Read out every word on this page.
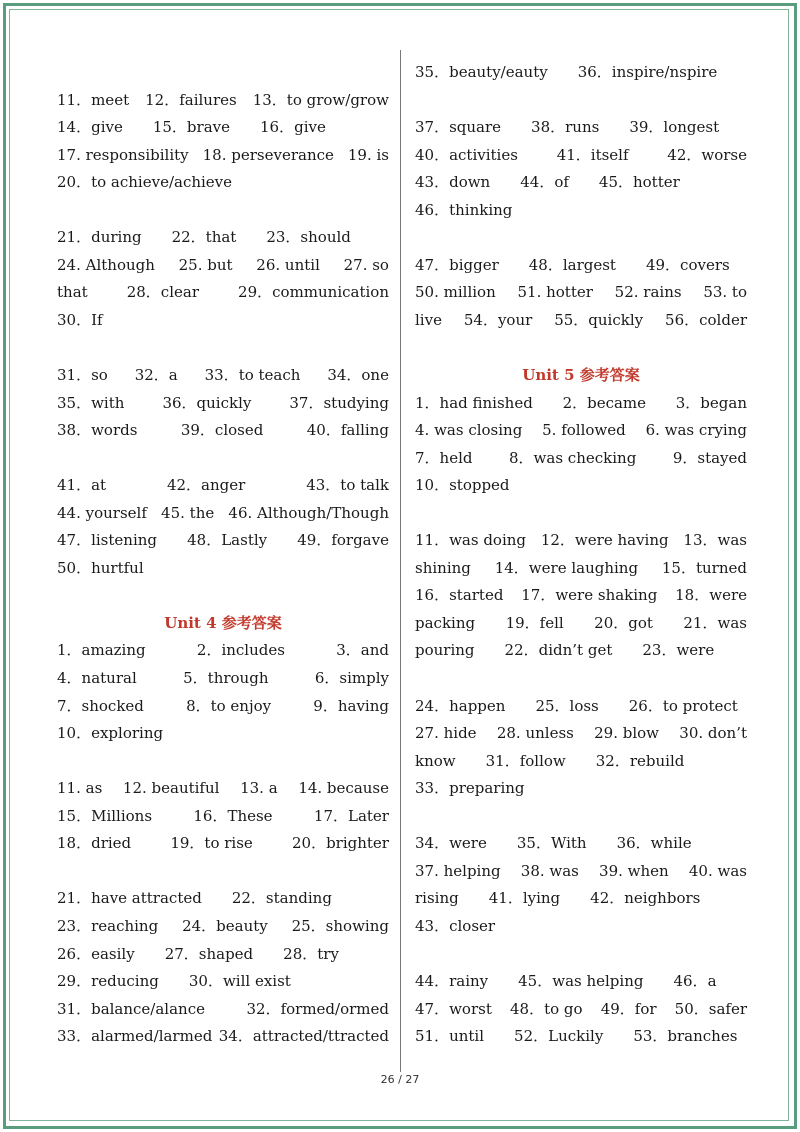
11．meet 12．failures 13．to grow/grow
14．give 15．brave 16．give
17. responsibility 18. perseverance 19. is
20．to achieve/achieve
21．during 22．that 23．should
24. Although 25. but 26. until 27. so
that	28．clear	29．communication
30．If
31．so 32．a 33．to teach 34．one
35．with	36．quickly	37．studying
38．words	39．closed	40．falling
41．at	42．anger	43．to talk
44. yourself 45. the 46. Although/Though
47．listening 48．Lastly 49．forgave
50．hurtful
Unit 4 参考答案
1．amazing	2．includes	3．and
4．natural	5．through	6．simply
7．shocked	8．to enjoy	9．having
10．exploring
11. as 12. beautiful 13. a 14. because
15．Millions	16．These	17．Later
18．dried	19．to rise	20．brighter
21．have attracted 22．standing
23．reaching 24．beauty 25．showing
26．easily 27．shaped 28．try
29．reducing 30．will exist
31．balance/alance	32．formed/ormed
33．alarmed/larmed 34．attracted/ttracted
35．beauty/eauty 36．inspire/nspire
37．square 38．runs 39．longest
40．activities	41．itself	42．worse
43．down 44．of 45．hotter
46．thinking
47．bigger 48．largest 49．covers
50. million 51. hotter 52. rains 53. to
live 54．your 55．quickly 56．colder
Unit 5 参考答案
1．had finished 2．became 3．began
4. was closing 5. followed 6. was crying
7．held 8．was checking 9．stayed
10．stopped
11．was doing 12．were having 13．was
shining 14．were laughing 15．turned
16．started 17．were shaking 18．were
packing 19．fell 20．got 21．was
pouring 22．didn’t get 23．were
24．happen 25．loss 26．to protect
27. hide 28. unless 29. blow 30. don’t
know 31．follow 32．rebuild
33．preparing
34．were 35．With 36．while
37. helping 38. was 39. when 40. was
rising 41．lying 42．neighbors
43．closer
44．rainy 45．was helping 46．a
47．worst 48．to go 49．for 50．safer
51．until 52．Luckily 53．branches
26 / 27
